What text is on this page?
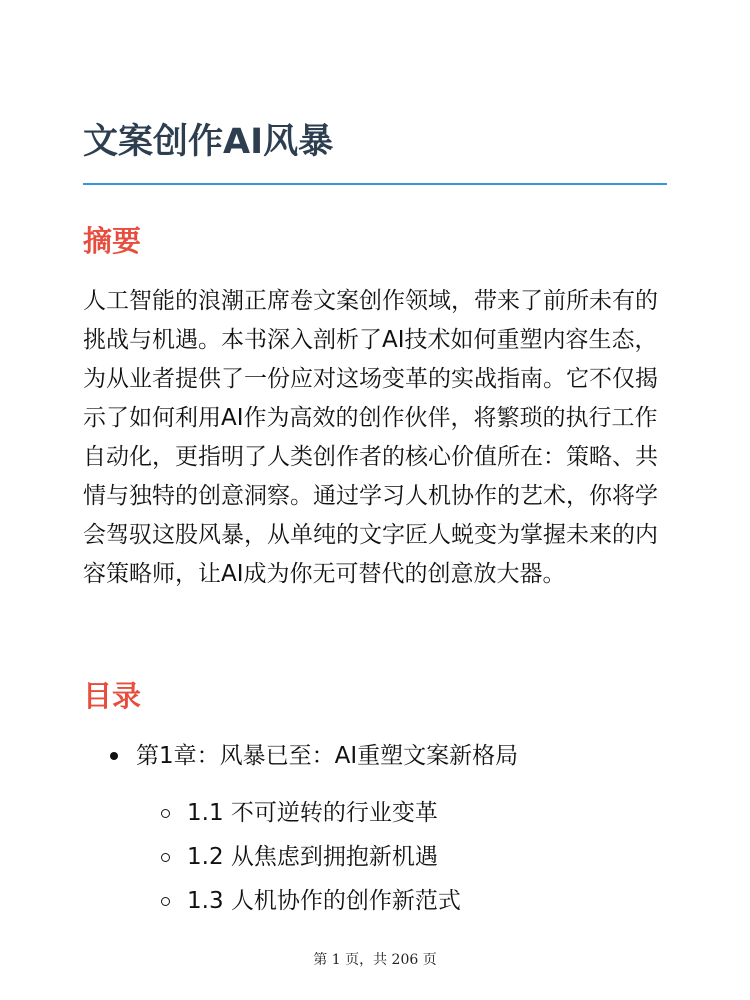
文案创作AI风暴
摘要

人工智能的浪潮正席卷文案创作领域，带来了前所未有的挑战与机遇。本书深入剖析了AI技术如何重塑内容生态，为从业者提供了一份应对这场变革的实战指南。它不仅揭示了如何利用AI作为高效的创作伙伴，将繁琐的执行工作自动化，更指明了人类创作者的核心价值所在：策略、共情与独特的创意洞察。通过学习人机协作的艺术，你将学会驾驭这股风暴，从单纯的文字匠人蜕变为掌握未来的内容策略师，让AI成为你无可替代的创意放大器。

目录
第1章：风暴已至：AI重塑文案新格局
1.1 不可逆转的行业变革
1.2 从焦虑到拥抱新机遇
1.3 人机协作的创作新范式
第 1 页，共 206 页
